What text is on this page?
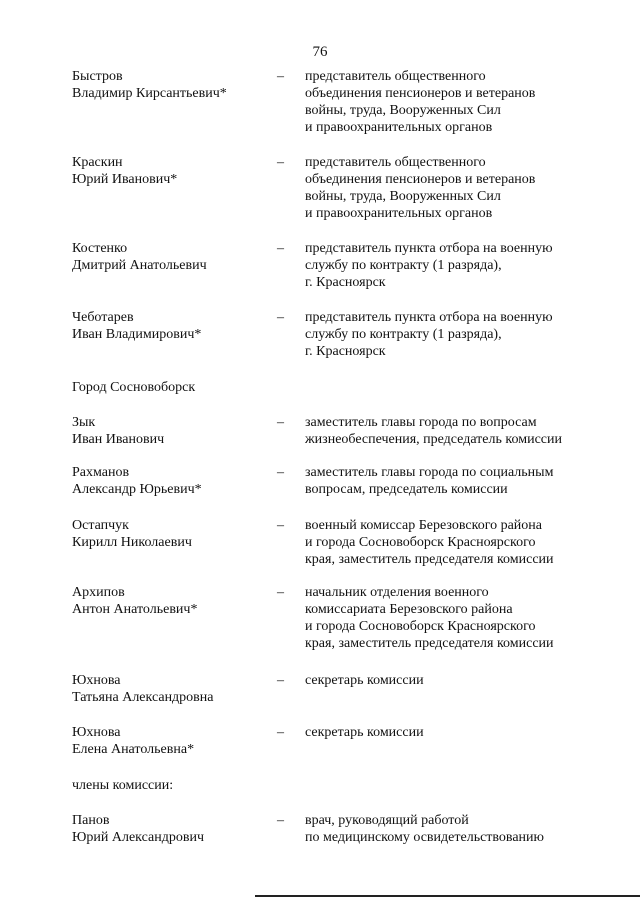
76
Быстров
Владимир Кирсантьевич*
– представитель общественного
объединения пенсионеров и ветеранов
войны, труда, Вооруженных Сил
и правоохранительных органов
Краскин
Юрий Иванович*
– представитель общественного
объединения пенсионеров и ветеранов
войны, труда, Вооруженных Сил
и правоохранительных органов
Костенко
Дмитрий Анатольевич
– представитель пункта отбора на военную
службу по контракту (1 разряда),
г. Красноярск
Чеботарев
Иван Владимирович*
– представитель пункта отбора на военную
службу по контракту (1 разряда),
г. Красноярск
Город Сосновоборск
Зык
Иван Иванович
– заместитель главы города по вопросам
жизнеобеспечения, председатель комиссии
Рахманов
Александр Юрьевич*
– заместитель главы города по социальным
вопросам, председатель комиссии
Остапчук
Кирилл Николаевич
– военный комиссар Березовского района
и города Сосновоборск Красноярского
края, заместитель председателя комиссии
Архипов
Антон Анатольевич*
– начальник отделения военного
комиссариата Березовского района
и города Сосновоборск Красноярского
края, заместитель председателя комиссии
Юхнова
Татьяна Александровна
– секретарь комиссии
Юхнова
Елена Анатольевна*
– секретарь комиссии
члены комиссии:
Панов
Юрий Александрович
– врач, руководящий работой
по медицинскому освидетельствованию
